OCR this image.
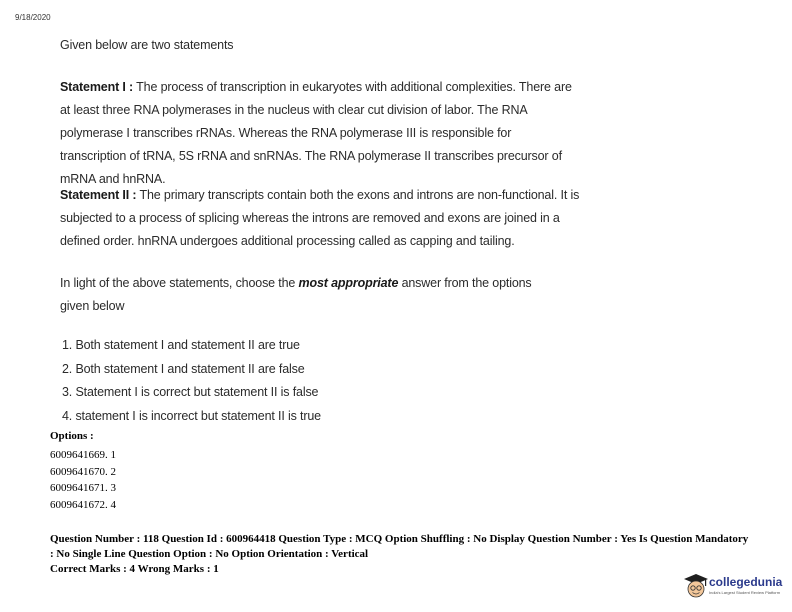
9/18/2020
Given below are two statements
Statement I : The process of transcription in eukaryotes with additional complexities. There are at least three RNA polymerases in the nucleus with clear cut division of labor. The RNA polymerase I transcribes rRNAs. Whereas the RNA polymerase III is responsible for transcription of tRNA, 5S rRNA and snRNAs. The RNA polymerase II transcribes precursor of mRNA and hnRNA.
Statement II : The primary transcripts contain both the exons and introns are non-functional. It is subjected to a process of splicing whereas the introns are removed and exons are joined in a defined order. hnRNA undergoes additional processing called as capping and tailing.
In light of the above statements, choose the most appropriate answer from the options given below
1. Both statement I and statement II are true
2. Both statement I and statement II are false
3. Statement I is correct but statement II is false
4. statement I is incorrect but statement II is true
Options :
6009641669. 1
6009641670. 2
6009641671. 3
6009641672. 4
Question Number : 118 Question Id : 600964418 Question Type : MCQ Option Shuffling : No Display Question Number : Yes Is Question Mandatory : No Single Line Question Option : No Option Orientation : Vertical
Correct Marks : 4 Wrong Marks : 1
collegedunia
India's Largest Student Review Platform
